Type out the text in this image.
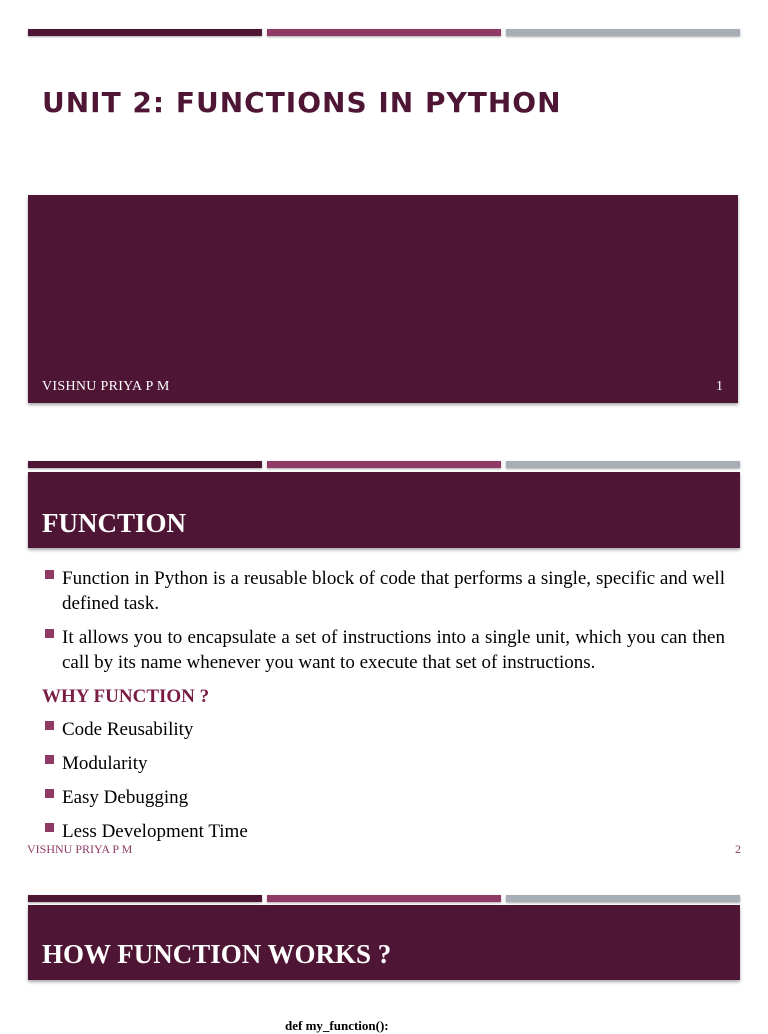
UNIT 2: FUNCTIONS IN PYTHON
VISHNU PRIYA P M	1
FUNCTION
Function in Python is a reusable block of code that performs a single, specific and well defined task.
It allows you to encapsulate a set of instructions into a single unit, which you can then call by its name whenever you want to execute that set of instructions.
WHY FUNCTION ?
Code Reusability
Modularity
Easy Debugging
Less Development Time
VISHNU PRIYA P M	2
HOW FUNCTION WORKS ?
def my_function():
